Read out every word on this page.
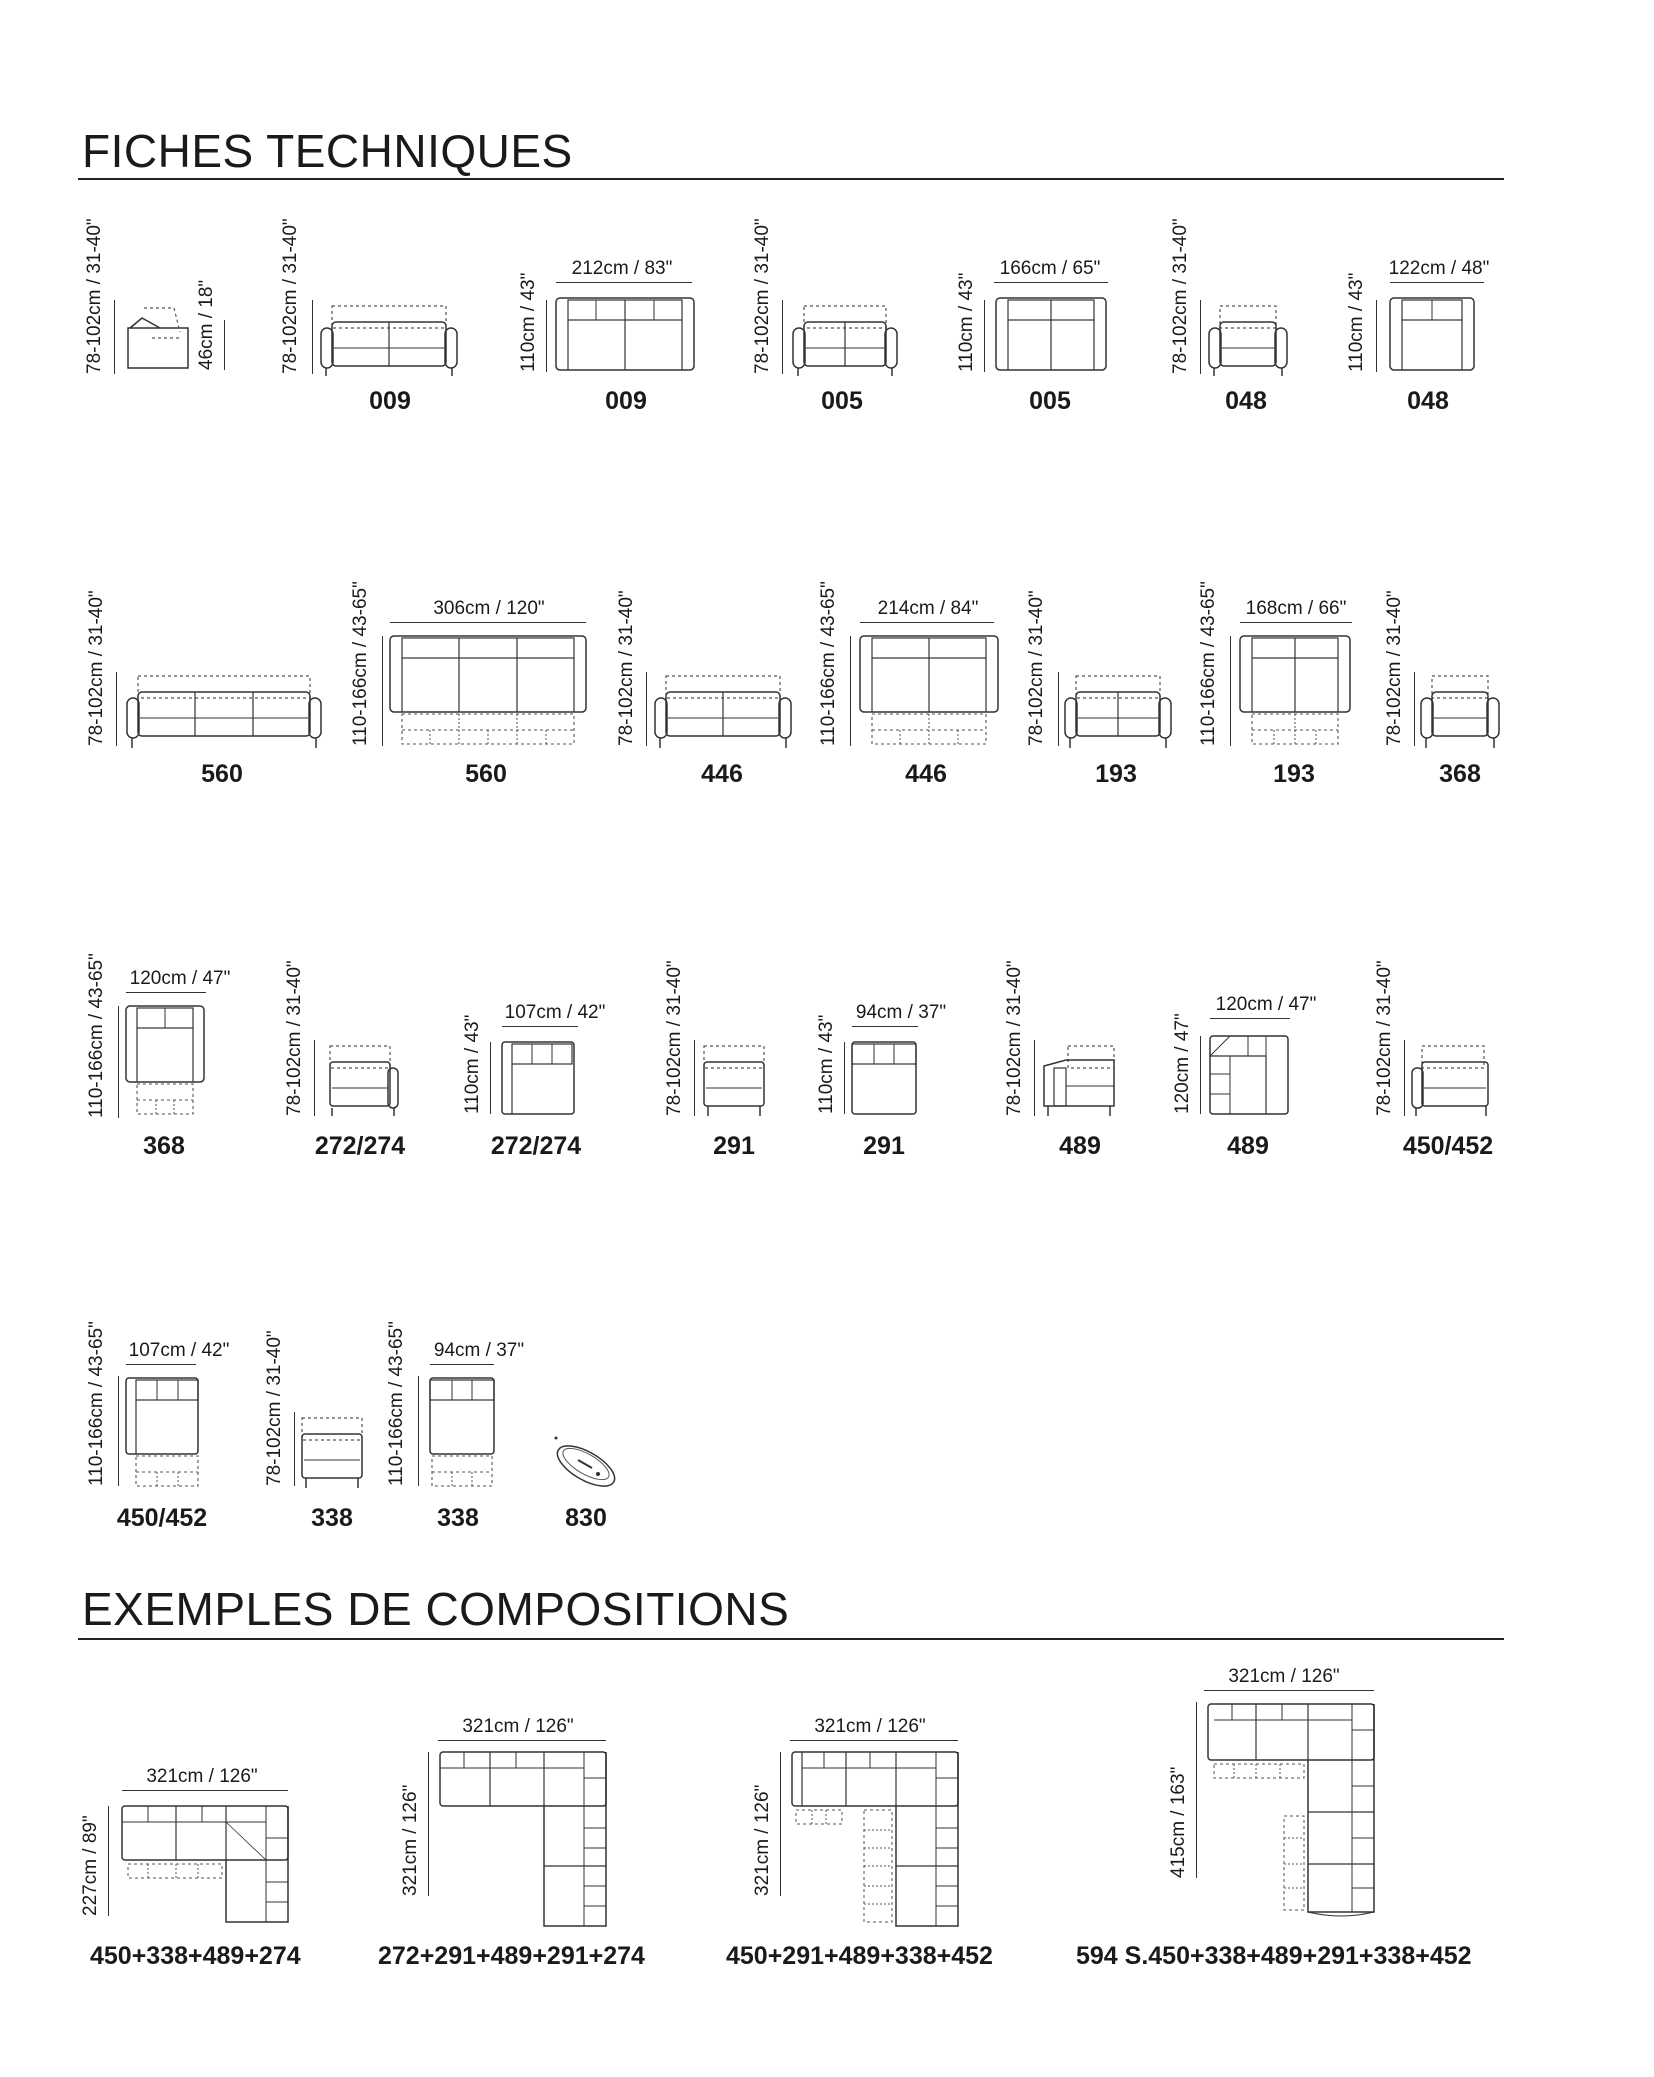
FICHES TECHNIQUES
EXEMPLES DE COMPOSITIONS
78-102cm / 31-40"	46cm / 18"	78-102cm / 31-40"
009
110cm / 43"
212cm / 83"
009
78-102cm / 31-40"
005
110cm / 43"
166cm / 65"
005
78-102cm / 31-40"
048
110cm / 43"
122cm / 48"
048
78-102cm / 31-40"
560
110-166cm / 43-65"	306cm / 120"
560
78-102cm / 31-40"
446
110-166cm / 43-65"	214cm / 84"
446
78-102cm / 31-40"
193
110-166cm / 43-65"	168cm / 66"
193
78-102cm / 31-40"
368
110-166cm / 43-65"	120cm / 47"
368
78-102cm / 31-40"
272/274
110cm / 43"
107cm / 42"
272/274
78-102cm / 31-40"
291
110cm / 43"
94cm / 37"
291
78-102cm / 31-40"
489
120cm / 47"
120cm / 47"
489
78-102cm / 31-40"
450/452
110-166cm / 43-65"	107cm / 42"
450/452
78-102cm / 31-40"
338
110-166cm / 43-65"	94cm / 37"
338	830
321cm / 126"
227cm / 89"
450+338+489+274
321cm / 126"
321cm / 126"
272+291+489+291+274
321cm / 126"
321cm / 126"
450+291+489+338+452
321cm / 126"
415cm / 163"
594 S.450+338+489+291+338+452
